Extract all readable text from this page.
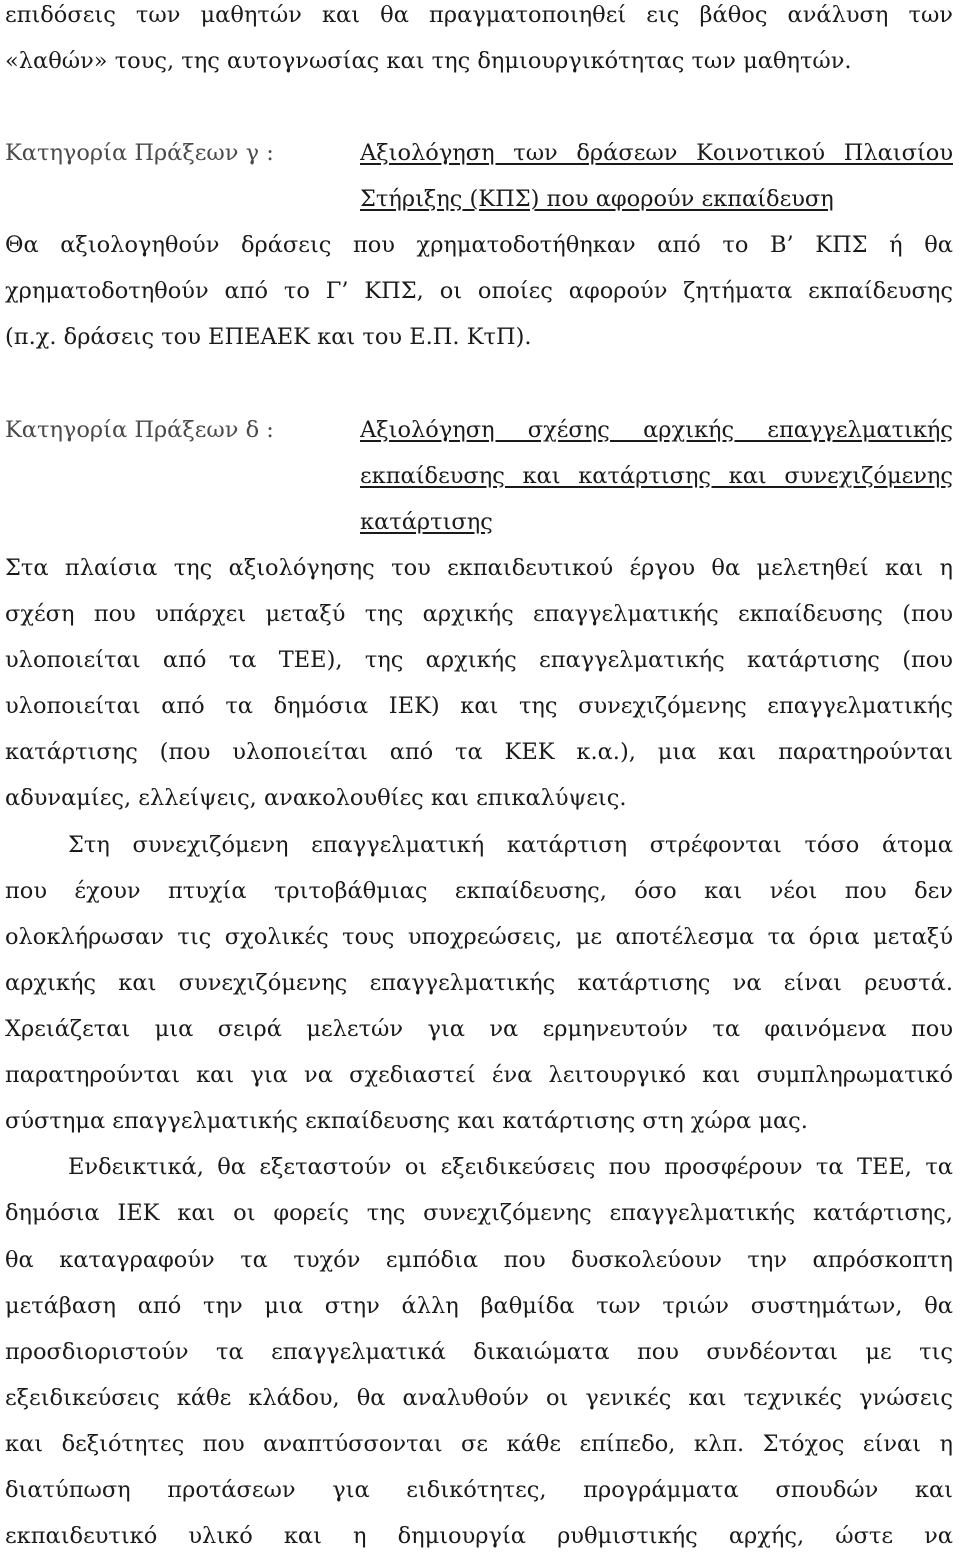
επιδόσεις των μαθητών και θα πραγματοποιηθεί εις βάθος ανάλυση των
«λαθών» τους, της αυτογνωσίας και της δημιουργικότητας των μαθητών.
Κατηγορία Πράξεων γ :	Αξιολόγηση των δράσεων Κοινοτικού Πλαισίου
Στήριξης (ΚΠΣ) που αφορούν εκπαίδευση
Θα αξιολογηθούν δράσεις που χρηματοδοτήθηκαν από το Β’ ΚΠΣ ή θα
χρηματοδοτηθούν από το Γ’ ΚΠΣ, οι οποίες αφορούν ζητήματα εκπαίδευσης
(π.χ. δράσεις του ΕΠΕΑΕΚ και του Ε.Π. ΚτΠ).
Κατηγορία Πράξεων δ :	Αξιολόγηση σχέσης αρχικής επαγγελματικής
εκπαίδευσης και κατάρτισης και συνεχιζόμενης
κατάρτισης
Στα πλαίσια της αξιολόγησης του εκπαιδευτικού έργου θα μελετηθεί και η
σχέση που υπάρχει μεταξύ της αρχικής επαγγελματικής εκπαίδευσης (που
υλοποιείται από τα ΤΕΕ), της αρχικής επαγγελματικής κατάρτισης (που
υλοποιείται από τα δημόσια ΙΕΚ) και της συνεχιζόμενης επαγγελματικής
κατάρτισης (που υλοποιείται από τα ΚΕΚ κ.α.), μια και παρατηρούνται
αδυναμίες, ελλείψεις, ανακολουθίες και επικαλύψεις.
Στη συνεχιζόμενη επαγγελματική κατάρτιση στρέφονται τόσο άτομα
που έχουν πτυχία τριτοβάθμιας εκπαίδευσης, όσο και νέοι που δεν
ολοκλήρωσαν τις σχολικές τους υποχρεώσεις, με αποτέλεσμα τα όρια μεταξύ
αρχικής και συνεχιζόμενης επαγγελματικής κατάρτισης να είναι ρευστά.
Χρειάζεται μια σειρά μελετών για να ερμηνευτούν τα φαινόμενα που
παρατηρούνται και για να σχεδιαστεί ένα λειτουργικό και συμπληρωματικό
σύστημα επαγγελματικής εκπαίδευσης και κατάρτισης στη χώρα μας.
Ενδεικτικά, θα εξεταστούν οι εξειδικεύσεις που προσφέρουν τα ΤΕΕ, τα
δημόσια ΙΕΚ και οι φορείς της συνεχιζόμενης επαγγελματικής κατάρτισης,
θα καταγραφούν τα τυχόν εμπόδια που δυσκολεύουν την απρόσκοπτη
μετάβαση από την μια στην άλλη βαθμίδα των τριών συστημάτων, θα
προσδιοριστούν τα επαγγελματικά δικαιώματα που συνδέονται με τις
εξειδικεύσεις κάθε κλάδου, θα αναλυθούν οι γενικές και τεχνικές γνώσεις
και δεξιότητες που αναπτύσσονται σε κάθε επίπεδο, κλπ. Στόχος είναι η
διατύπωση προτάσεων για ειδικότητες, προγράμματα σπουδών και
εκπαιδευτικό υλικό και η δημιουργία ρυθμιστικής αρχής, ώστε να
